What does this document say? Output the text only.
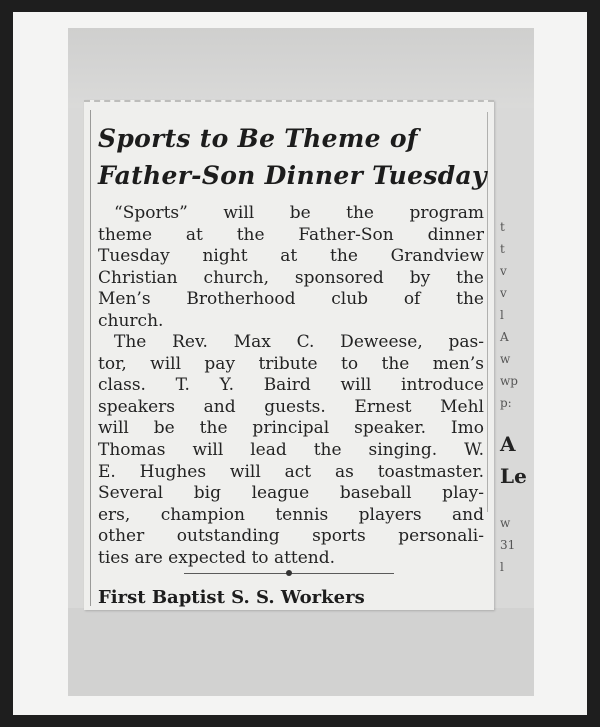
Sports to Be Theme of
Father-Son Dinner Tuesday
“Sports” will be the program
theme at the Father-Son dinner
Tuesday night at the Grandview
Christian church, sponsored by the
Men’s Brotherhood club of the
church.
The Rev. Max C. Deweese, pas-
tor, will pay tribute to the men’s
class. T. Y. Baird will introduce
speakers and guests. Ernest Mehl
will be the principal speaker. Imo
Thomas will lead the singing. W.
E. Hughes will act as toastmaster.
Several big league baseball play-
ers, champion tennis players and
other outstanding sports personali-
ties are expected to attend.
First Baptist S. S. Workers
t
t
v
v
l
A
w
wp
p:
A
Le
w
31
l
